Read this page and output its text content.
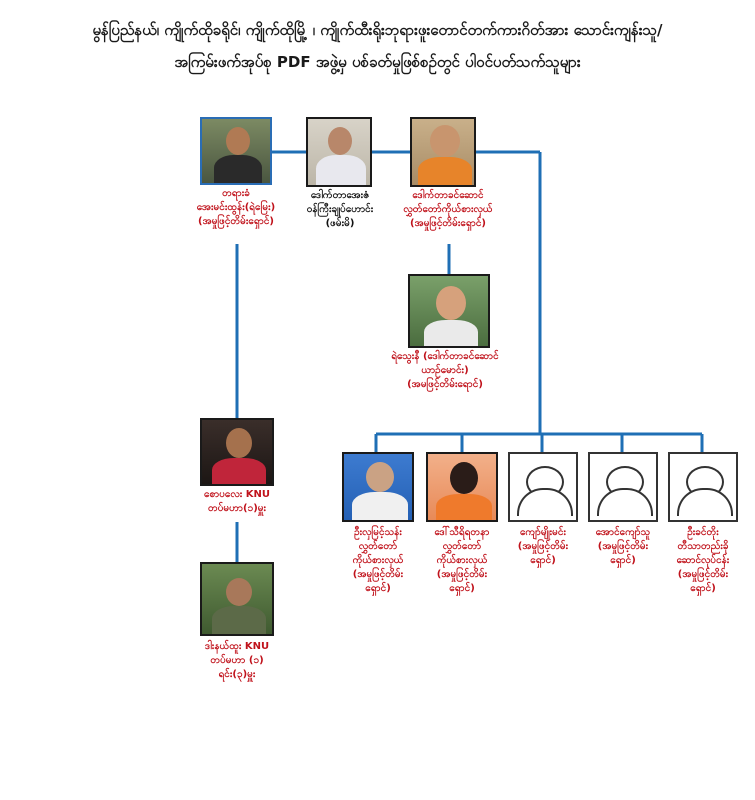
မွန်ပြည်နယ်၊ ကျိုက်ထိုခရိုင်၊ ကျိုက်ထိုမြို့ ၊ ကျိုက်ထီးရိုးဘုရားဖူးတောင်တက်ကားဂိတ်အား သောင်းကျန်းသူ/
အကြမ်းဖက်အုပ်စု PDF အဖွဲ့မှ ပစ်ခတ်မှုဖြစ်စဉ်တွင် ပါဝင်ပတ်သက်သူများ
တရားခံ
အေးမင်းထွန်း(ရဲမြေး)
(အမှုဖြင့်တိမ်းရှောင်)
ဒေါက်တာအေးဇံ
ဝန်ကြီးချုပ်ဟောင်း
(ဖမ်းမိ)
ဒေါက်တာခင်ဆောင်
လွှတ်တော်ကိုယ်စားလှယ်
(အမှုဖြင့်တိမ်းရှောင်)
ရဲသွေးနီ (ဒေါက်တာခင်ဆောင်
ယာဉ်မောင်း)
(အမဖြင့်တိမ်းရောင်)
စောပလေး KNU
တပ်မဟာ(၁)မှူး
ဒါးနယ်ထူး KNU
တပ်မဟာ (၁)
ရင်း(၃)မှူး
ဦးလှမြင့်သန်း
လွှတ်တော်
ကိုယ်စားလှယ်
(အမှုဖြင့်တိမ်း
ရှောင်)
ဒေါ်သီရိရတနာ
လွှတ်တော်
ကိုယ်စားလှယ်
(အမှုဖြင့်တိမ်း
ရှောင်)
ကျော်မျိုးမင်း
(အမှုဖြင့်တိမ်း
ရှောင်)
အောင်ကျော်သူ
(အမှုဖြင့်တိမ်း
ရှောင်)
ဦးခင်တိုး
တီသာတည်းခို
ဆောင်လုပ်ငန်း
(အမှုဖြင့်တိမ်း
ရှောင်)
